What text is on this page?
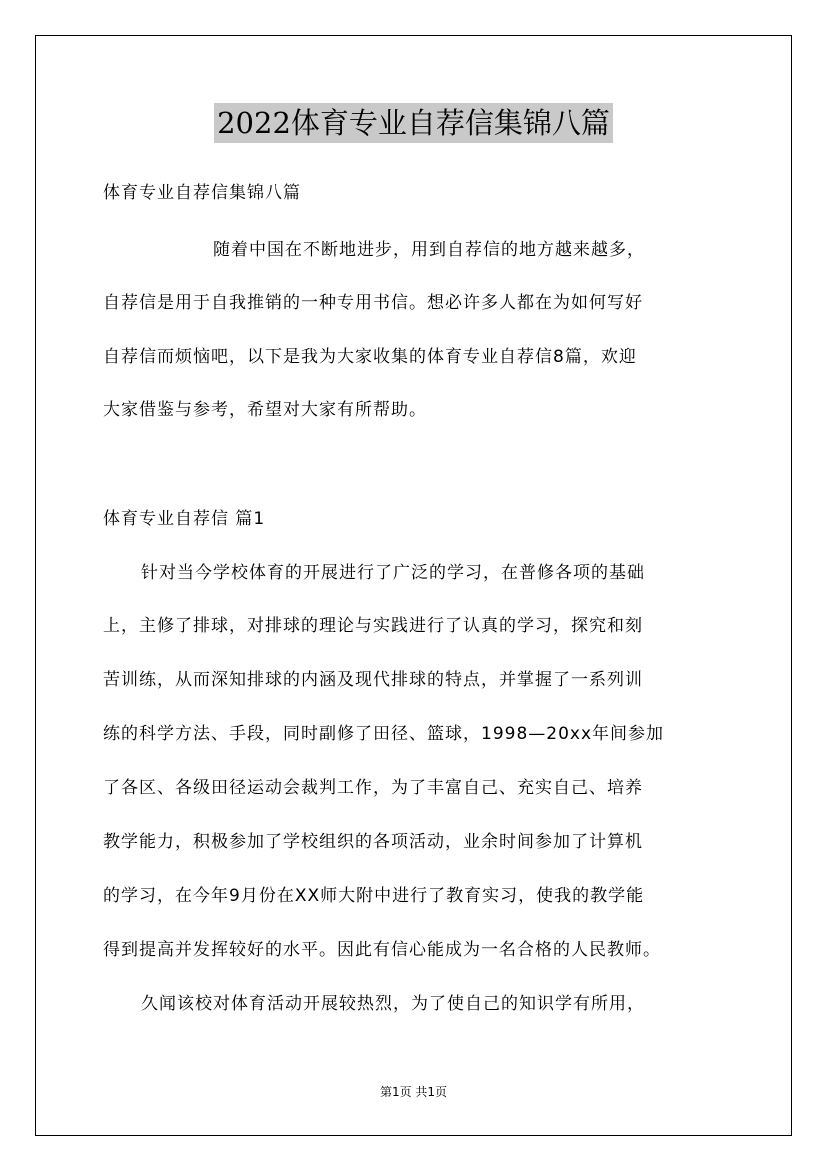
2022体育专业自荐信集锦八篇
体育专业自荐信集锦八篇
随着中国在不断地进步，用到自荐信的地方越来越多，
自荐信是用于自我推销的一种专用书信。想必许多人都在为如何写好
自荐信而烦恼吧，以下是我为大家收集的体育专业自荐信8篇，欢迎
大家借鉴与参考，希望对大家有所帮助。
体育专业自荐信 篇1
针对当今学校体育的开展进行了广泛的学习，在普修各项的基础
上，主修了排球，对排球的理论与实践进行了认真的学习，探究和刻
苦训练，从而深知排球的内涵及现代排球的特点，并掌握了一系列训
练的科学方法、手段，同时副修了田径、篮球，1998—20xx年间参加
了各区、各级田径运动会裁判工作，为了丰富自己、充实自己、培养
教学能力，积极参加了学校组织的各项活动，业余时间参加了计算机
的学习，在今年9月份在XX师大附中进行了教育实习，使我的教学能
得到提高并发挥较好的水平。因此有信心能成为一名合格的人民教师。
久闻该校对体育活动开展较热烈，为了使自己的知识学有所用，
第1页 共1页
